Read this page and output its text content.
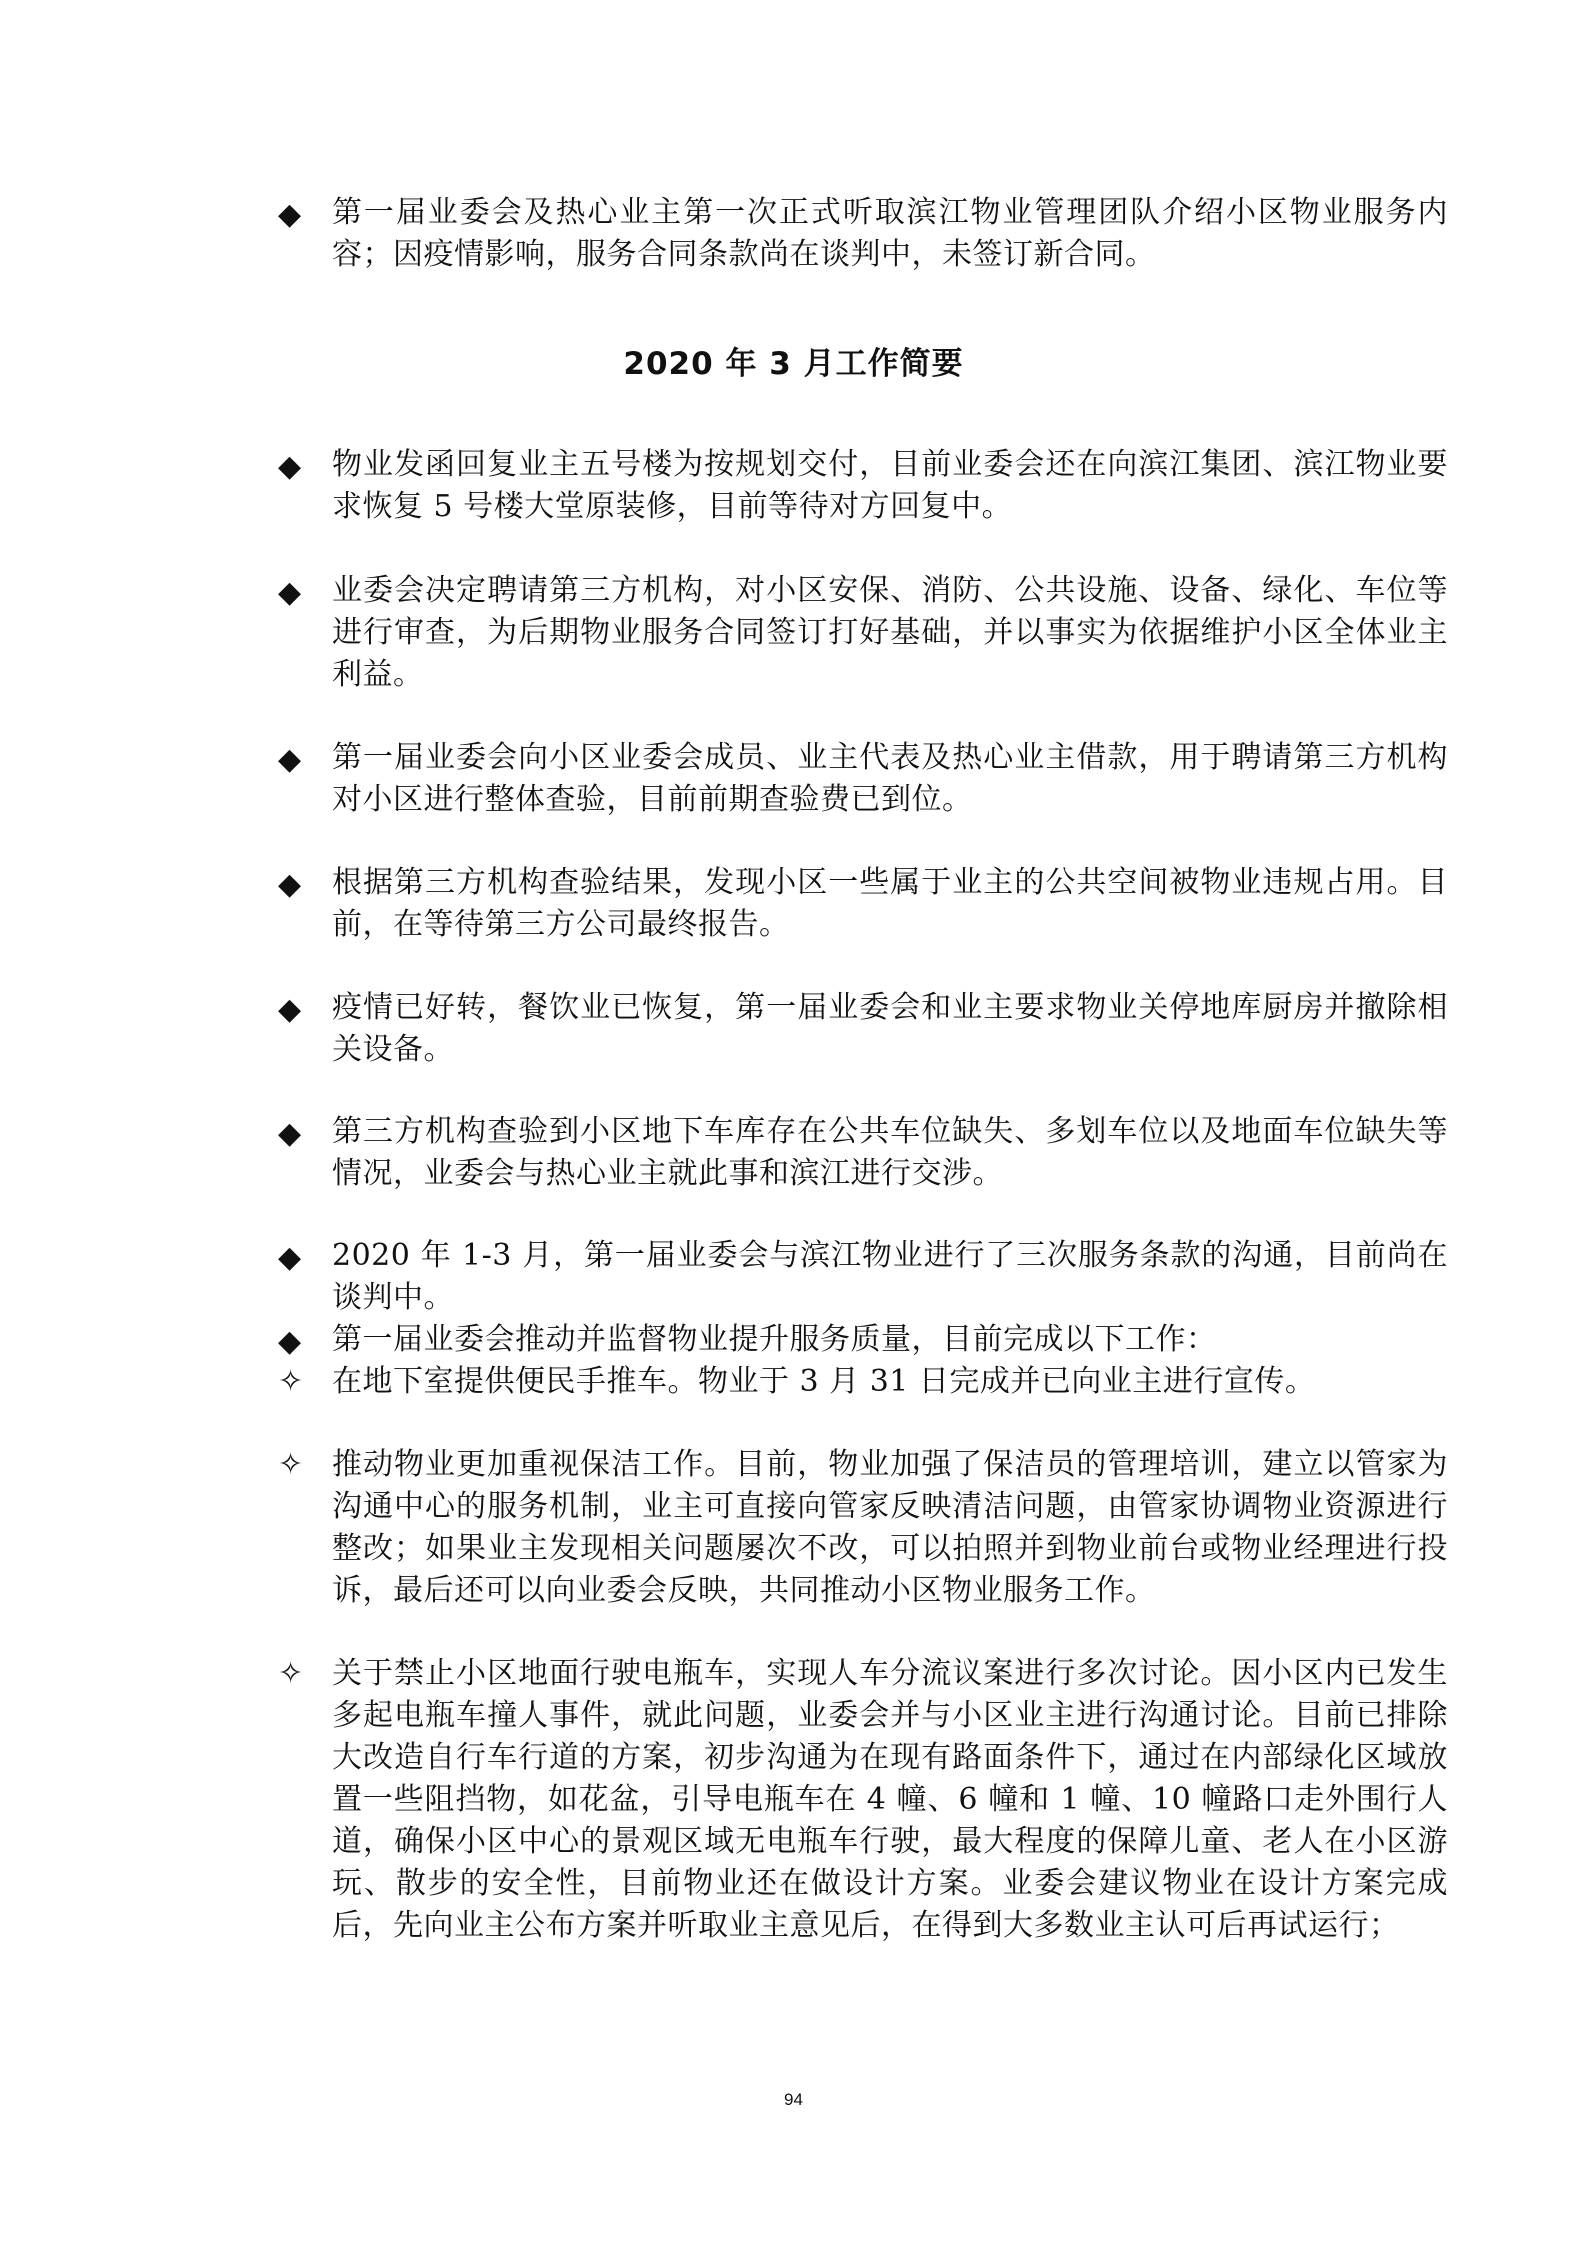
◆	第一届业委会及热心业主第一次正式听取滨江物业管理团队介绍小区物业服务内容；因疫情影响，服务合同条款尚在谈判中，未签订新合同。
2020 年 3 月工作简要
◆	物业发函回复业主五号楼为按规划交付，目前业委会还在向滨江集团、滨江物业要求恢复 5 号楼大堂原装修，目前等待对方回复中。
◆	业委会决定聘请第三方机构，对小区安保、消防、公共设施、设备、绿化、车位等进行审查，为后期物业服务合同签订打好基础，并以事实为依据维护小区全体业主利益。
◆	第一届业委会向小区业委会成员、业主代表及热心业主借款，用于聘请第三方机构对小区进行整体查验，目前前期查验费已到位。
◆	根据第三方机构查验结果，发现小区一些属于业主的公共空间被物业违规占用。目前，在等待第三方公司最终报告。
◆	疫情已好转，餐饮业已恢复，第一届业委会和业主要求物业关停地库厨房并撤除相关设备。
◆	第三方机构查验到小区地下车库存在公共车位缺失、多划车位以及地面车位缺失等情况，业委会与热心业主就此事和滨江进行交涉。
◆	2020 年 1-3 月，第一届业委会与滨江物业进行了三次服务条款的沟通，目前尚在谈判中。
◆	第一届业委会推动并监督物业提升服务质量，目前完成以下工作：
✧ 在地下室提供便民手推车。物业于 3 月 31 日完成并已向业主进行宣传。
✧ 推动物业更加重视保洁工作。目前，物业加强了保洁员的管理培训，建立以管家为沟通中心的服务机制，业主可直接向管家反映清洁问题，由管家协调物业资源进行整改；如果业主发现相关问题屡次不改，可以拍照并到物业前台或物业经理进行投诉，最后还可以向业委会反映，共同推动小区物业服务工作。
✧ 关于禁止小区地面行驶电瓶车，实现人车分流议案进行多次讨论。因小区内已发生多起电瓶车撞人事件，就此问题，业委会并与小区业主进行沟通讨论。目前已排除大改造自行车行道的方案，初步沟通为在现有路面条件下，通过在内部绿化区域放置一些阻挡物，如花盆，引导电瓶车在 4 幢、6 幢和 1 幢、10 幢路口走外围行人道，确保小区中心的景观区域无电瓶车行驶，最大程度的保障儿童、老人在小区游玩、散步的安全性，目前物业还在做设计方案。业委会建议物业在设计方案完成后，先向业主公布方案并听取业主意见后，在得到大多数业主认可后再试运行；
94
